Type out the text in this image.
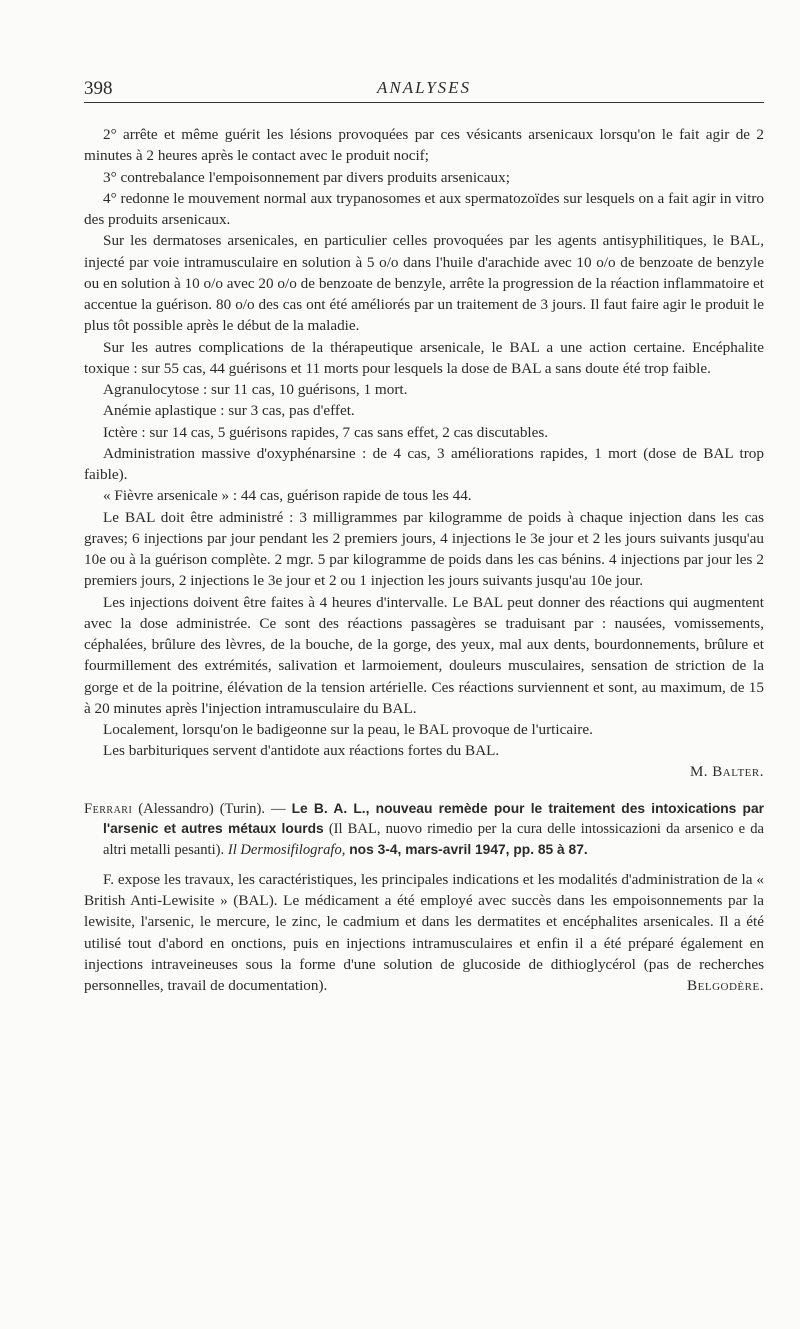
398	ANALYSES

2° arrête et même guérit les lésions provoquées par ces vésicants arsenicaux lorsqu'on le fait agir de 2 minutes à 2 heures après le contact avec le produit nocif;

3° contrebalance l'empoisonnement par divers produits arsenicaux;

4° redonne le mouvement normal aux trypanosomes et aux spermatozoïdes sur lesquels on a fait agir in vitro des produits arsenicaux.

Sur les dermatoses arsenicales, en particulier celles provoquées par les agents antisyphilitiques, le BAL, injecté par voie intramusculaire en solution à 5 o/o dans l'huile d'arachide avec 10 o/o de benzoate de benzyle ou en solution à 10 o/o avec 20 o/o de benzoate de benzyle, arrête la progression de la réaction inflammatoire et accentue la guérison. 80 o/o des cas ont été améliorés par un traitement de 3 jours. Il faut faire agir le produit le plus tôt possible après le début de la maladie.

Sur les autres complications de la thérapeutique arsenicale, le BAL a une action certaine. Encéphalite toxique : sur 55 cas, 44 guérisons et 11 morts pour lesquels la dose de BAL a sans doute été trop faible.

Agranulocytose : sur 11 cas, 10 guérisons, 1 mort.

Anémie aplastique : sur 3 cas, pas d'effet.

Ictère : sur 14 cas, 5 guérisons rapides, 7 cas sans effet, 2 cas discutables.

Administration massive d'oxyphénarsine : de 4 cas, 3 améliorations rapides, 1 mort (dose de BAL trop faible).

« Fièvre arsenicale » : 44 cas, guérison rapide de tous les 44.

Le BAL doit être administré : 3 milligrammes par kilogramme de poids à chaque injection dans les cas graves; 6 injections par jour pendant les 2 premiers jours, 4 injections le 3e jour et 2 les jours suivants jusqu'au 10e ou à la guérison complète. 2 mgr. 5 par kilogramme de poids dans les cas bénins. 4 injections par jour les 2 premiers jours, 2 injections le 3e jour et 2 ou 1 injection les jours suivants jusqu'au 10e jour.

Les injections doivent être faites à 4 heures d'intervalle. Le BAL peut donner des réactions qui augmentent avec la dose administrée. Ce sont des réactions passagères se traduisant par : nausées, vomissements, céphalées, brûlure des lèvres, de la bouche, de la gorge, des yeux, mal aux dents, bourdonnements, brûlure et fourmillement des extrémités, salivation et larmoiement, douleurs musculaires, sensation de striction de la gorge et de la poitrine, élévation de la tension artérielle. Ces réactions surviennent et sont, au maximum, de 15 à 20 minutes après l'injection intramusculaire du BAL.

Localement, lorsqu'on le badigeonne sur la peau, le BAL provoque de l'urticaire.

Les barbituriques servent d'antidote aux réactions fortes du BAL.

M. Balter.

Ferrari (Alessandro) (Turin). — Le B. A. L., nouveau remède pour le traitement des intoxications par l'arsenic et autres métaux lourds (Il BAL, nuovo rimedio per la cura delle intossicazioni da arsenico e da altri metalli pesanti). Il Dermosifilografo, nos 3-4, mars-avril 1947, pp. 85 à 87.

F. expose les travaux, les caractéristiques, les principales indications et les modalités d'administration de la « British Anti-Lewisite » (BAL). Le médicament a été employé avec succès dans les empoisonnements par la lewisite, l'arsenic, le mercure, le zinc, le cadmium et dans les dermatites et encéphalites arsenicales. Il a été utilisé tout d'abord en onctions, puis en injections intramusculaires et enfin il a été préparé également en injections intraveineuses sous la forme d'une solution de glucoside de dithioglycérol (pas de recherches personnelles, travail de documentation).	Belgodère.
